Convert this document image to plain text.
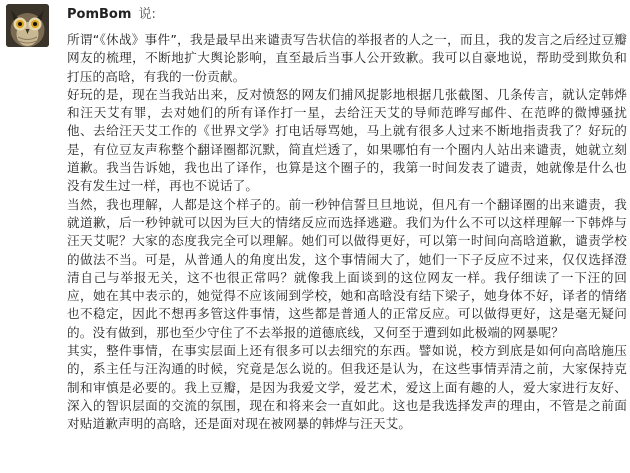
PomBom 说:

所谓“《休战》事件”，我是最早出来谴责写告状信的举报者的人之一，而且，我的发言之后经过豆瓣网友的梳理，不断地扩大舆论影响，直至最后当事人公开致歉。我可以自豪地说，帮助受到欺负和打压的高晗，有我的一份贡献。

好玩的是，现在当我站出来，反对愤怒的网友们捕风捉影地根据几张截图、几条传言，就认定韩烨和汪天艾有罪，去对她们的所有译作打一星，去给汪天艾的导师范晔写邮件、在范晔的微博骚扰他、去给汪天艾工作的《世界文学》打电话辱骂她，马上就有很多人过来不断地指责我了？好玩的是，有位豆友声称整个翻译圈都沉默，简直烂透了，如果哪怕有一个圈内人站出来谴责，她就立刻道歉。我当告诉她，我也出了译作，也算是这个圈子的，我第一时间发表了谴责，她就像是什么也没有发生过一样，再也不说话了。

当然，我也理解，人都是这个样子的。前一秒钟信誓旦旦地说，但凡有一个翻译圈的出来谴责，我就道歉，后一秒钟就可以因为巨大的情绪反应而选择逃避。我们为什么不可以这样理解一下韩烨与汪天艾呢？大家的态度我完全可以理解。她们可以做得更好，可以第一时间向高晗道歉，谴责学校的做法不当。可是，从普通人的角度出发，这个事情闹大了，她们一下子反应不过来，仅仅选择澄清自己与举报无关，这不也很正常吗？就像我上面谈到的这位网友一样。我仔细读了一下汪的回应，她在其中表示的，她觉得不应该闹到学校，她和高晗没有结下梁子，她身体不好，译者的情绪也不稳定，因此不想再多管这件事情，这些都是普通人的正常反应。可以做得更好，这是毫无疑问的。没有做到，那也至少守住了不去举报的道德底线，又何至于遭到如此极端的网暴呢？

其实，整件事情，在事实层面上还有很多可以去细究的东西。譬如说，校方到底是如何向高晗施压的，系主任与汪沟通的时候，究竟是怎么说的。但我还是认为，在这些事情弄清之前，大家保持克制和审慎是必要的。我上豆瓣，是因为我爱文学，爱艺术，爱这上面有趣的人，爱大家进行友好、深入的智识层面的交流的氛围，现在和将来会一直如此。这也是我选择发声的理由，不管是之前面对贴道歉声明的高晗，还是面对现在被网暴的韩烨与汪天艾。
